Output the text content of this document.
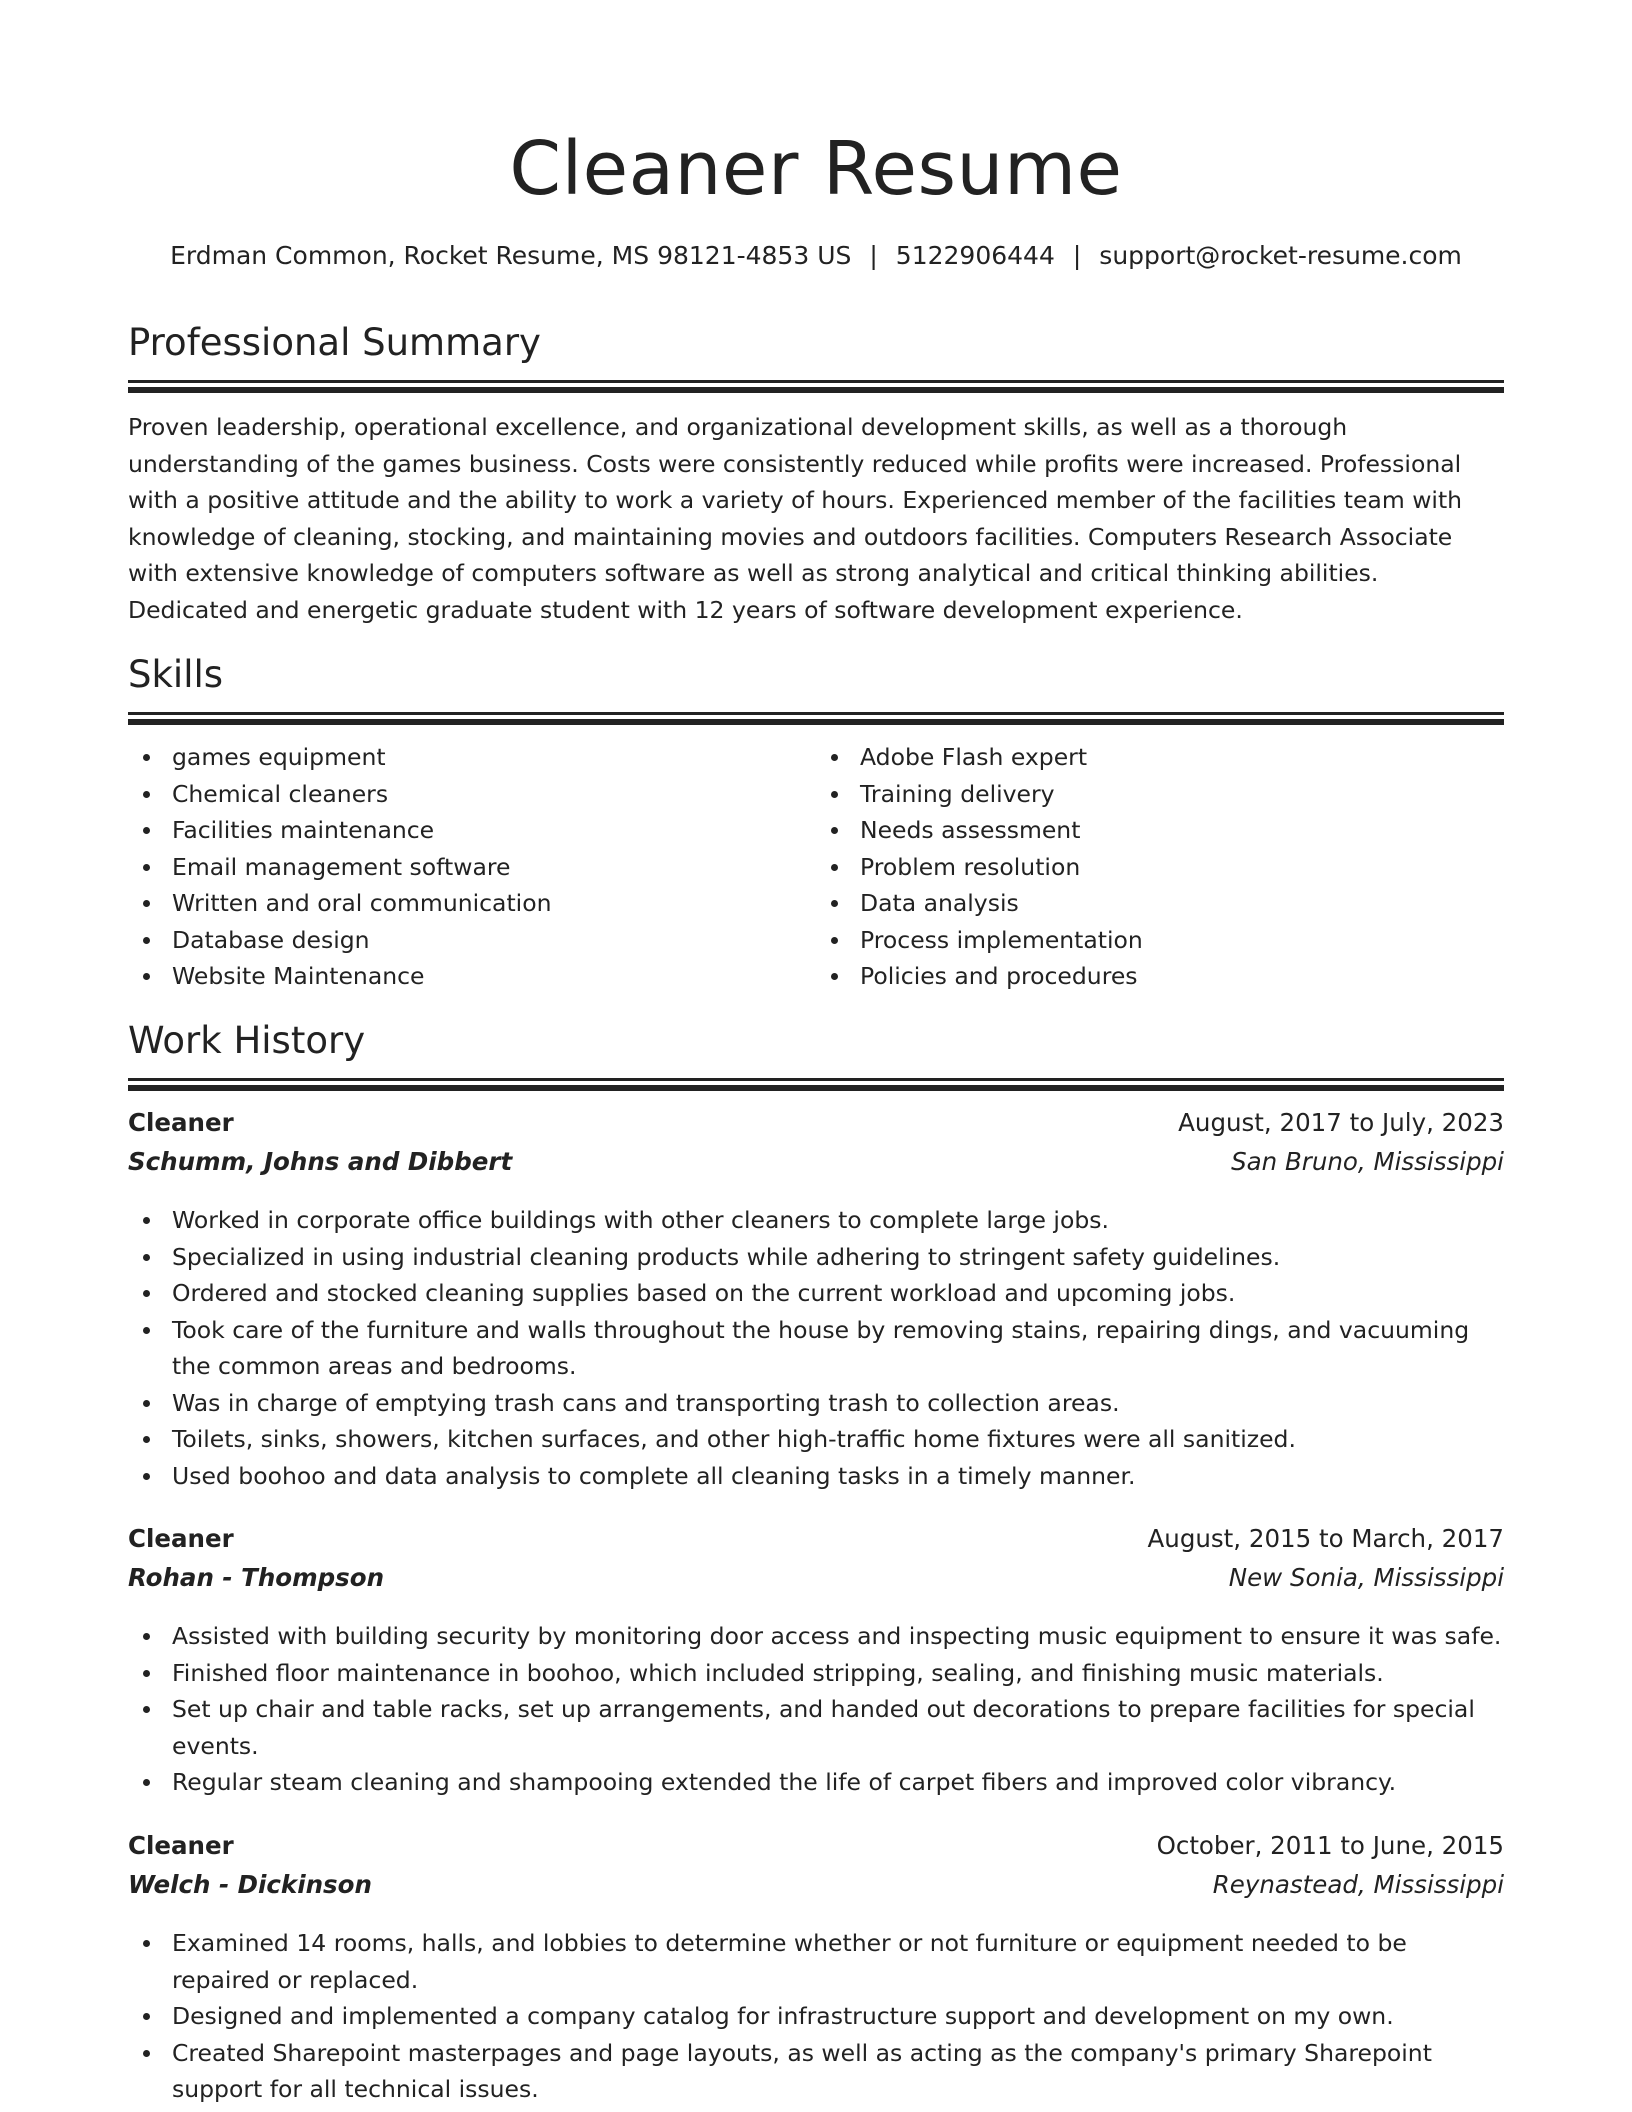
Cleaner Resume
Erdman Common, Rocket Resume, MS 98121-4853 US | 5122906444 | support@rocket-resume.com
Professional Summary

Proven leadership, operational excellence, and organizational development skills, as well as a thorough understanding of the games business. Costs were consistently reduced while profits were increased. Professional with a positive attitude and the ability to work a variety of hours. Experienced member of the facilities team with knowledge of cleaning, stocking, and maintaining movies and outdoors facilities. Computers Research Associate with extensive knowledge of computers software as well as strong analytical and critical thinking abilities. Dedicated and energetic graduate student with 12 years of software development experience.

Skills
games equipment
Chemical cleaners
Facilities maintenance
Email management software
Written and oral communication
Database design
Website Maintenance
Adobe Flash expert
Training delivery
Needs assessment
Problem resolution
Data analysis
Process implementation
Policies and procedures
Work History
Cleaner	August, 2017 to July, 2023
Schumm, Johns and Dibbert	San Bruno, Mississippi
Worked in corporate office buildings with other cleaners to complete large jobs.
Specialized in using industrial cleaning products while adhering to stringent safety guidelines.
Ordered and stocked cleaning supplies based on the current workload and upcoming jobs.
Took care of the furniture and walls throughout the house by removing stains, repairing dings, and vacuuming the common areas and bedrooms.
Was in charge of emptying trash cans and transporting trash to collection areas.
Toilets, sinks, showers, kitchen surfaces, and other high-traffic home fixtures were all sanitized.
Used boohoo and data analysis to complete all cleaning tasks in a timely manner.
Cleaner	August, 2015 to March, 2017
Rohan - Thompson	New Sonia, Mississippi
Assisted with building security by monitoring door access and inspecting music equipment to ensure it was safe.
Finished floor maintenance in boohoo, which included stripping, sealing, and finishing music materials.
Set up chair and table racks, set up arrangements, and handed out decorations to prepare facilities for special events.
Regular steam cleaning and shampooing extended the life of carpet fibers and improved color vibrancy.
Cleaner	October, 2011 to June, 2015
Welch - Dickinson	Reynastead, Mississippi
Examined 14 rooms, halls, and lobbies to determine whether or not furniture or equipment needed to be repaired or replaced.
Designed and implemented a company catalog for infrastructure support and development on my own.
Created Sharepoint masterpages and page layouts, as well as acting as the company's primary Sharepoint support for all technical issues.
